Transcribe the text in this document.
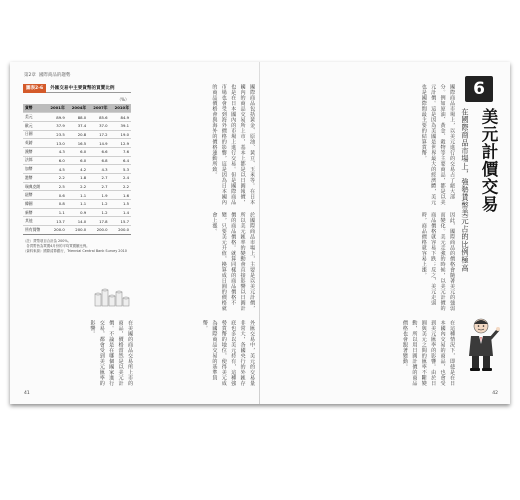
第2章 國際商品的趨勢
圖表2-6	外匯交易中主要貨幣的買賣比例
（%）
貨幣	2001年	2004年	2007年	2010年
美元	89.9	88.0	85.6	84.9
歐元	37.9	37.4	37.0	39.1
日圓	23.5	20.8	17.2	19.0
英鎊	13.0	16.5	14.9	12.9
澳幣	4.3	6.0	6.6	7.6
法郎	6.0	6.0	6.8	6.4
加幣	4.5	4.2	4.3	5.3
港幣	2.2	1.8	2.7	2.4
瑞典克朗	2.5	2.2	2.7	2.2
紐幣	0.6	1.1	1.9	1.6
韓圓	0.8	1.1	1.2	1.5
新幣	1.1	0.9	1.2	1.4
其他	13.7	14.0	17.8	15.7
所有貨幣	200.0	200.0	200.0	200.0
（註）貨幣項目合計為 200%。
　各貨幣皆為買賣4月份的平均買賣額比例。
（資料來源）國際清算銀行，Triennial Central Bank Survey 2010
國際商品包括黃金、原油、黃豆、玉米等。在日本國內的商品交易所上市，基本上都是以日圓報價，也是在日本國內的市場上進行交易。但是國際商品市場也會受到海外價格的影響，這是因為日本國內的商品價格會與海外的價格連動所致。
於國際商品市場上，主要是以美元計價，所以美元匯率的變動會直接影響以日圓計價的商品價格。就算同樣的商品價格不變，只要美元升值，換算成日圓的價格就會上漲。
外匯交易中，美元的交易量非常大，各國央行的外匯存底也多以美元持有，這種強勢貨幣的地位，使得美元成為國際商品交易的基準貨幣。
在美國的商品交易所上市的商品，價格當然是以美元計價。不論是在哪個國家進行交易，都會受到美元匯率的影響。
41
國際商品市場上，以美元進行的交易占了絕大部分。例如原油、黃金、穀物等主要商品，都是以美元計價。這是因為美國是世界最大的經濟體，美元也是國際間最主要的結算貨幣。
因此，國際商品的價格會隨著美元的強弱而變化。美元走強的時候，以美元計價的商品價格就容易下跌；反之，美元走弱時，商品價格就容易上漲。
在這種情況下，即使是在日本國內交易的商品，也會受到美元匯率的影響。由於日圓與美元之間的匯率不斷變動，所以用日圓計價的商品價格也會跟著變動。
6
美元計價交易
在國際商品市場上，強勢貨幣美元占的比例極高
42
